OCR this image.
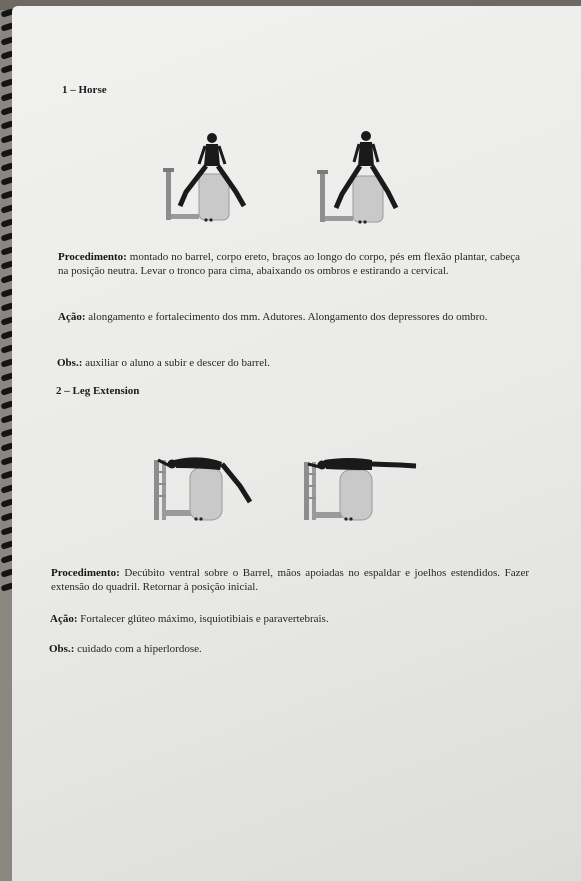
1 – Horse

Procedimento: montado no barrel, corpo ereto, braços ao longo do corpo, pés em flexão plantar, cabeça na posição neutra. Levar o tronco para cima, abaixando os ombros e estirando a cervical.

Ação: alongamento e fortalecimento dos mm. Adutores. Alongamento dos depressores do ombro.

Obs.: auxiliar o aluno a subir e descer do barrel.

2 – Leg Extension

Procedimento: Decúbito ventral sobre o Barrel, mãos apoiadas no espaldar e joelhos estendidos. Fazer extensão do quadril. Retornar à posição inicial.

Ação: Fortalecer glúteo máximo, isquiotibiais e paravertebrais.

Obs.: cuidado com a hiperlordose.
